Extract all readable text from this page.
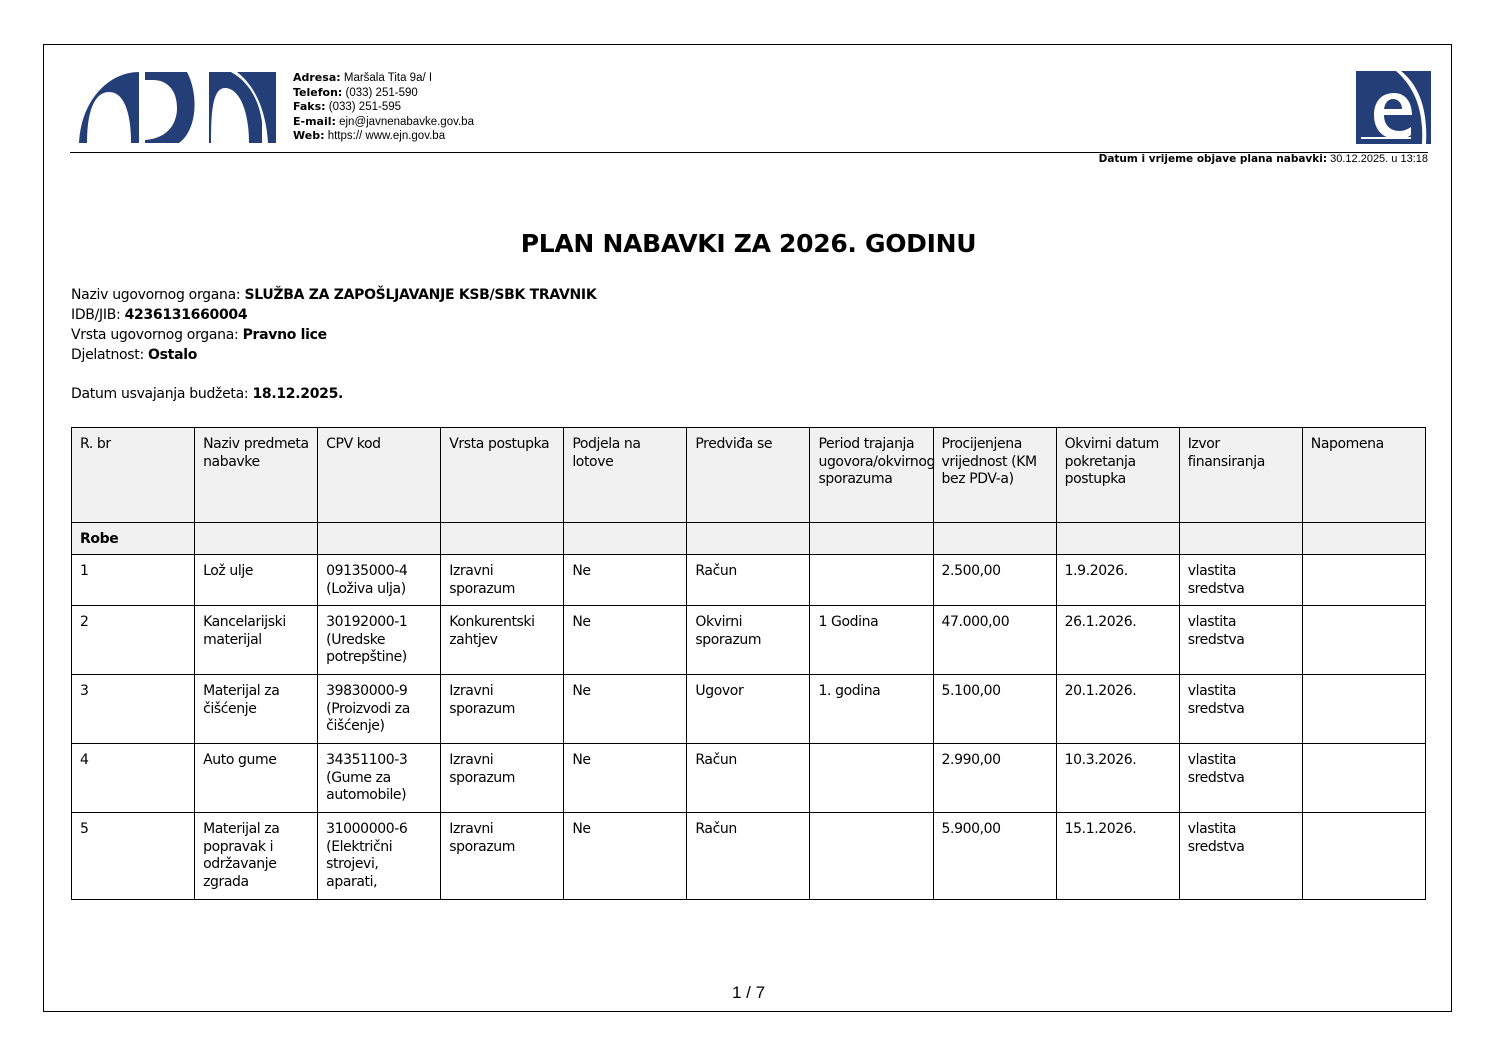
Adresa: Maršala Tita 9a/ I
Telefon: (033) 251-590
Faks: (033) 251-595
E-mail: ejn@javnenabavke.gov.ba
Web: https:// www.ejn.gov.ba
Datum i vrijeme objave plana nabavki: 30.12.2025. u 13:18
PLAN NABAVKI ZA 2026. GODINU
Naziv ugovornog organa: SLUŽBA ZA ZAPOŠLJAVANJE KSB/SBK TRAVNIK
IDB/JIB: 4236131660004
Vrsta ugovornog organa: Pravno lice
Djelatnost: Ostalo
Datum usvajanja budžeta: 18.12.2025.
R. br	Naziv predmeta nabavke	CPV kod	Vrsta postupka	Podjela na lotove	Predviđa se	Period trajanja ugovora/okvirnog sporazuma	Procijenjena vrijednost (KM bez PDV-a)	Okvirni datum pokretanja postupka	Izvor finansiranja	Napomena
Robe										
1	Lož ulje	09135000-4 (Loživa ulja)	Izravni sporazum	Ne	Račun		2.500,00	1.9.2026.	vlastita sredstva	
2	Kancelarijski materijal	30192000-1 (Uredske potrepštine)	Konkurentski zahtjev	Ne	Okvirni sporazum	1 Godina	47.000,00	26.1.2026.	vlastita sredstva	
3	Materijal za čišćenje	39830000-9 (Proizvodi za čišćenje)	Izravni sporazum	Ne	Ugovor	1. godina	5.100,00	20.1.2026.	vlastita sredstva	
4	Auto gume	34351100-3 (Gume za automobile)	Izravni sporazum	Ne	Račun		2.990,00	10.3.2026.	vlastita sredstva	
5	Materijal za popravak i održavanje zgrada	31000000-6 (Električni strojevi, aparati,	Izravni sporazum	Ne	Račun		5.900,00	15.1.2026.	vlastita sredstva	
1 / 7
